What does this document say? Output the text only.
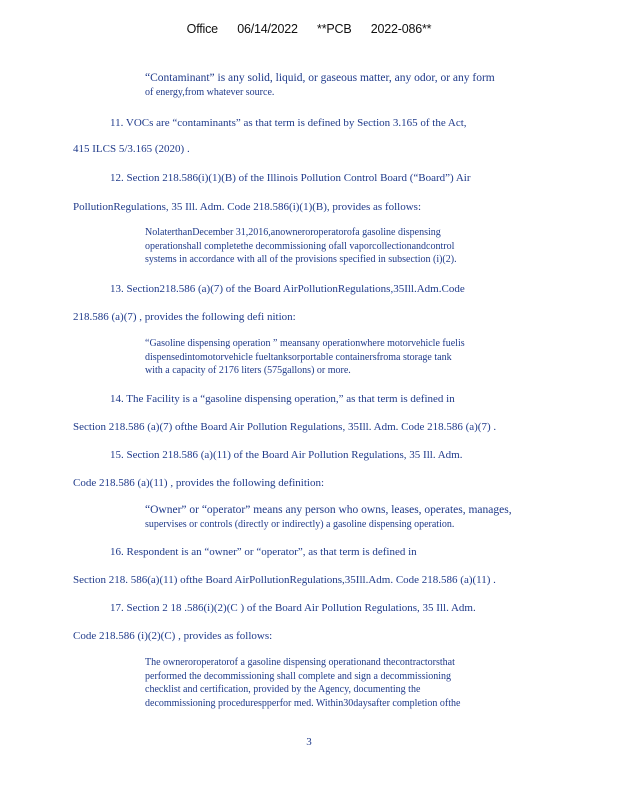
Office 06/14/2022 **PCB 2022-086**
“Contaminant” is any solid, liquid, or gaseous matter, any odor, or any form
of energy,from whatever source.
11. VOCs are “contaminants” as that term is defined by Section 3.165 of the Act,
415 ILCS 5/3.165 (2020) .
12. Section 218.586(i)(1)(B) of the Illinois Pollution Control Board (“Board”) Air
PollutionRegulations, 35 Ill. Adm. Code 218.586(i)(1)(B), provides as follows:
NolaterthanDecember 31,2016,anowneroroperatorofa gasoline dispensing
operationshall completethe decommissioning ofall vaporcollectionandcontrol
systems in accordance with all of the provisions specified in subsection (i)(2).
13. Section218.586 (a)(7) of the Board AirPollutionRegulations,35Ill.Adm.Code
218.586 (a)(7) , provides the following defi nition:
“Gasoline dispensing operation ” meansany operationwhere motorvehicle fuelis
dispensedintomotorvehicle fueltanksorportable containersfroma storage tank
with a capacity of 2176 liters (575gallons) or more.
14. The Facility is a “gasoline dispensing operation,” as that term is defined in
Section 218.586 (a)(7) ofthe Board Air Pollution Regulations, 35Ill. Adm. Code 218.586 (a)(7) .
15. Section 218.586 (a)(11) of the Board Air Pollution Regulations, 35 Ill. Adm.
Code 218.586 (a)(11) , provides the following definition:
“Owner” or “operator” means any person who owns, leases, operates, manages,
supervises or controls (directly or indirectly) a gasoline dispensing operation.
16. Respondent is an “owner” or “operator”, as that term is defined in
Section 218. 586(a)(11) ofthe Board AirPollutionRegulations,35Ill.Adm. Code 218.586 (a)(11) .
17. Section 2 18 .586(i)(2)(C ) of the Board Air Pollution Regulations, 35 Ill. Adm.
Code 218.586 (i)(2)(C) , provides as follows:
The owneroroperatorof a gasoline dispensing operationand thecontractorsthat
performed the decommissioning shall complete and sign a decommissioning
checklist and certification, provided by the Agency, documenting the
decommissioning procedurespperfor med. Within30daysafter completion ofthe
3
